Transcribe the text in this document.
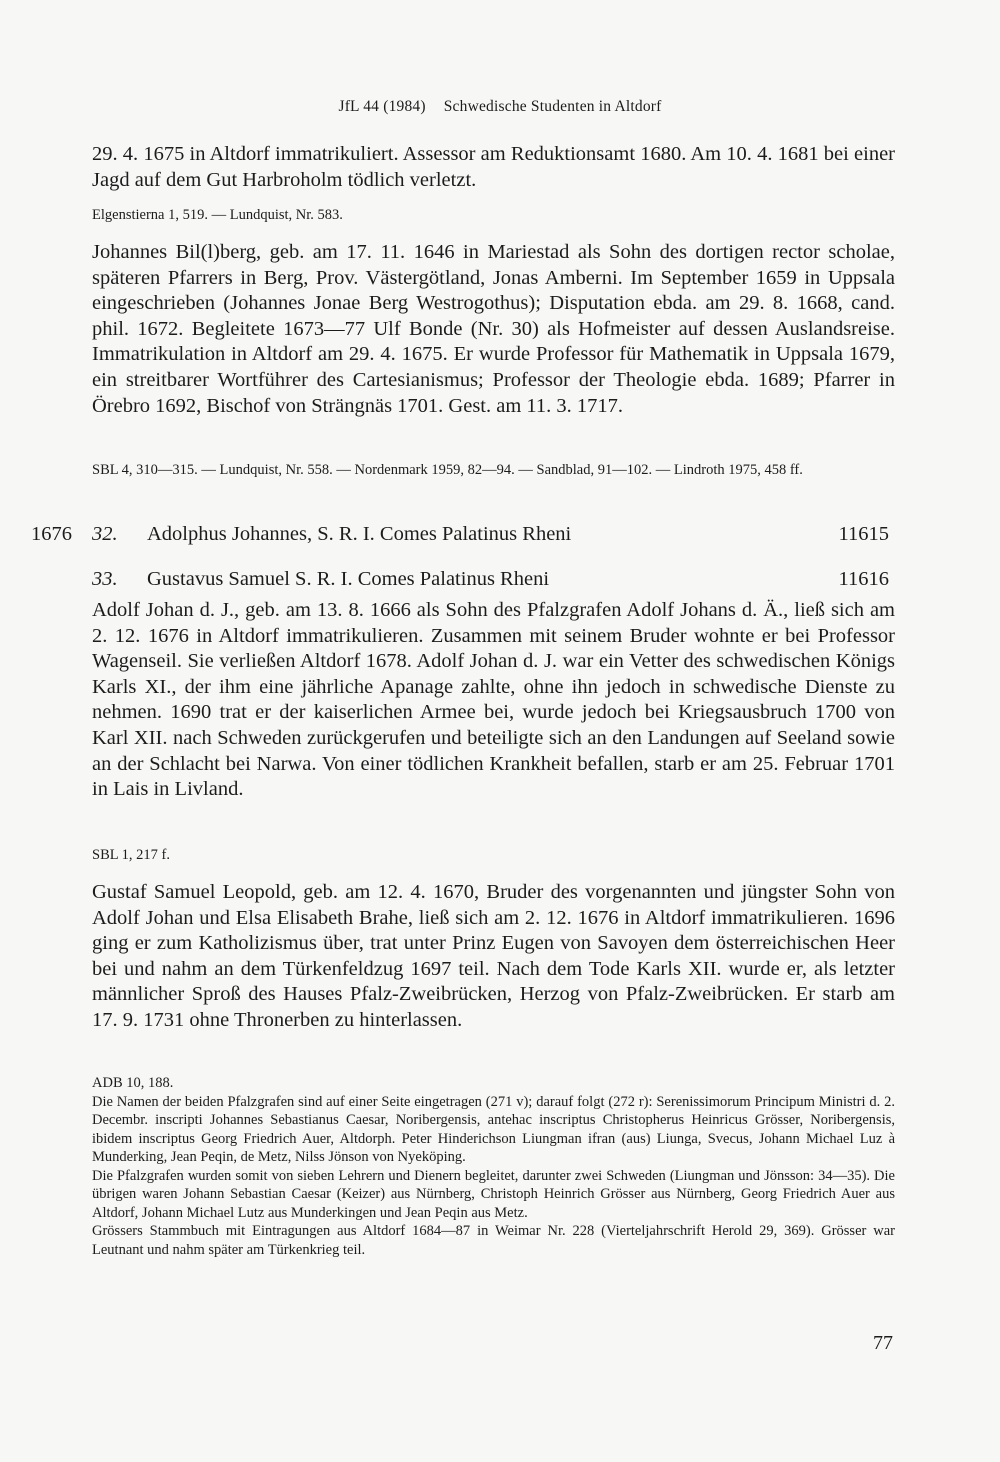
JfL 44 (1984) Schwedische Studenten in Altdorf
29. 4. 1675 in Altdorf immatrikuliert. Assessor am Reduktionsamt 1680. Am 10. 4. 1681 bei einer Jagd auf dem Gut Harbroholm tödlich verletzt.
Elgenstierna 1, 519. — Lundquist, Nr. 583.
Johannes Bil(l)berg, geb. am 17. 11. 1646 in Mariestad als Sohn des dortigen rector scholae, späteren Pfarrers in Berg, Prov. Västergötland, Jonas Amberni. Im September 1659 in Uppsala eingeschrieben (Johannes Jonae Berg Westrogothus); Disputation ebda. am 29. 8. 1668, cand. phil. 1672. Begleitete 1673—77 Ulf Bonde (Nr. 30) als Hofmeister auf dessen Auslandsreise. Immatrikulation in Altdorf am 29. 4. 1675. Er wurde Professor für Mathematik in Uppsala 1679, ein streitbarer Wortführer des Cartesianismus; Professor der Theologie ebda. 1689; Pfarrer in Örebro 1692, Bischof von Strängnäs 1701. Gest. am 11. 3. 1717.
SBL 4, 310—315. — Lundquist, Nr. 558. — Nordenmark 1959, 82—94. — Sandblad, 91—102. — Lindroth 1975, 458 ff.
1676 32. Adolphus Johannes, S. R. I. Comes Palatinus Rheni	11615
33. Gustavus Samuel S. R. I. Comes Palatinus Rheni	11616
Adolf Johan d. J., geb. am 13. 8. 1666 als Sohn des Pfalzgrafen Adolf Johans d. Ä., ließ sich am 2. 12. 1676 in Altdorf immatrikulieren. Zusammen mit seinem Bruder wohnte er bei Professor Wagenseil. Sie verließen Altdorf 1678. Adolf Johan d. J. war ein Vetter des schwedischen Königs Karls XI., der ihm eine jährliche Apanage zahlte, ohne ihn jedoch in schwedische Dienste zu nehmen. 1690 trat er der kaiserlichen Armee bei, wurde jedoch bei Kriegsausbruch 1700 von Karl XII. nach Schweden zurückgerufen und beteiligte sich an den Landungen auf Seeland sowie an der Schlacht bei Narwa. Von einer tödlichen Krankheit befallen, starb er am 25. Februar 1701 in Lais in Livland.
SBL 1, 217 f.
Gustaf Samuel Leopold, geb. am 12. 4. 1670, Bruder des vorgenannten und jüngster Sohn von Adolf Johan und Elsa Elisabeth Brahe, ließ sich am 2. 12. 1676 in Altdorf immatrikulieren. 1696 ging er zum Katholizismus über, trat unter Prinz Eugen von Savoyen dem österreichischen Heer bei und nahm an dem Türkenfeldzug 1697 teil. Nach dem Tode Karls XII. wurde er, als letzter männlicher Sproß des Hauses Pfalz-Zweibrücken, Herzog von Pfalz-Zweibrücken. Er starb am 17. 9. 1731 ohne Thronerben zu hinterlassen.
ADB 10, 188.
Die Namen der beiden Pfalzgrafen sind auf einer Seite eingetragen (271 v); darauf folgt (272 r): Serenissimorum Principum Ministri d. 2. Decembr. inscripti Johannes Sebastianus Caesar, Noribergensis, antehac inscriptus Christopherus Heinricus Grösser, Noribergensis, ibidem inscriptus Georg Friedrich Auer, Altdorph. Peter Hinderichson Liungman ifran (aus) Liunga, Svecus, Johann Michael Luz à Munderking, Jean Peqin, de Metz, Nilss Jönson von Nyeköping.
Die Pfalzgrafen wurden somit von sieben Lehrern und Dienern begleitet, darunter zwei Schweden (Liungman und Jönsson: 34—35). Die übrigen waren Johann Sebastian Caesar (Keizer) aus Nürnberg, Christoph Heinrich Grösser aus Nürnberg, Georg Friedrich Auer aus Altdorf, Johann Michael Lutz aus Munderkingen und Jean Peqin aus Metz.
Grössers Stammbuch mit Eintragungen aus Altdorf 1684—87 in Weimar Nr. 228 (Vierteljahrschrift Herold 29, 369). Grösser war Leutnant und nahm später am Türkenkrieg teil.
77
